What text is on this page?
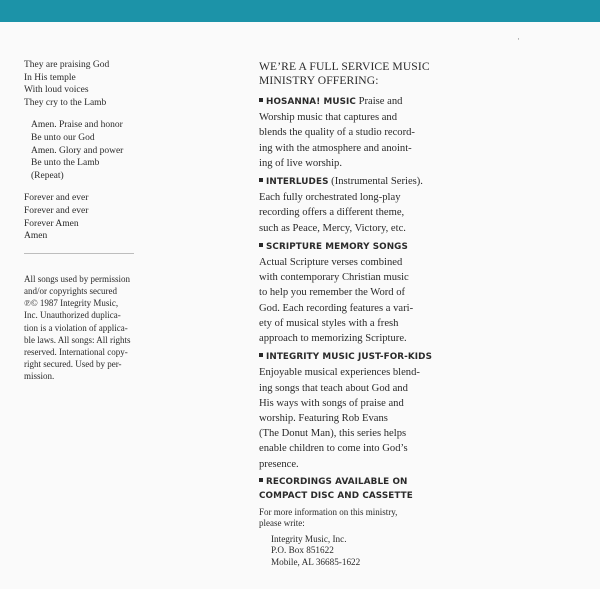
·
They are praising God
In His temple
With loud voices
They cry to the Lamb
Amen. Praise and honor
Be unto our God
Amen. Glory and power
Be unto the Lamb
(Repeat)
Forever and ever
Forever and ever
Forever Amen
Amen
All songs used by permission
and/or copyrights secured
℗© 1987 Integrity Music,
Inc. Unauthorized duplica-
tion is a violation of applica-
ble laws. All songs: All rights
reserved. International copy-
right secured. Used by per-
mission.
WE’RE A FULL SERVICE MUSIC
MINISTRY OFFERING:
HOSANNA! MUSIC Praise and
Worship music that captures and
blends the quality of a studio record-
ing with the atmosphere and anoint-
ing of live worship.
INTERLUDES (Instrumental Series).
Each fully orchestrated long-play
recording offers a different theme,
such as Peace, Mercy, Victory, etc.
SCRIPTURE MEMORY SONGS
Actual Scripture verses combined
with contemporary Christian music
to help you remember the Word of
God. Each recording features a vari-
ety of musical styles with a fresh
approach to memorizing Scripture.
INTEGRITY MUSIC JUST-FOR-KIDS
Enjoyable musical experiences blend-
ing songs that teach about God and
His ways with songs of praise and
worship. Featuring Rob Evans
(The Donut Man), this series helps
enable children to come into God’s
presence.
RECORDINGS AVAILABLE ON
COMPACT DISC AND CASSETTE
For more information on this ministry,
please write:
Integrity Music, Inc.
P.O. Box 851622
Mobile, AL 36685-1622
